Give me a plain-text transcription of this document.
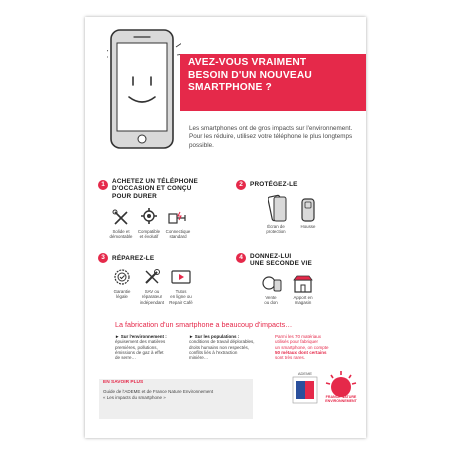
AVEZ-VOUS VRAIMENT
BESOIN D'UN NOUVEAU
SMARTPHONE ?

Les smartphones ont de gros impacts sur l'environnement. Pour les réduire, utilisez votre téléphone le plus longtemps possible.

1	ACHETEZ UN TÉLÉPHONE
D'OCCASION ET CONÇU
POUR DURER
Solide et
démontable
Compatible
et évolutif
Connectique
standard
2	PROTÉGEZ-LE
Écran de
protection
Housse
3	RÉPAREZ-LE
Garantie
légale
SAV ou
réparateur
indépendant
Tutos
en ligne ou
Repair Café
4	DONNEZ-LUI
UNE SECONDE VIE
Vente
ou don
Apport en
magasin

La fabrication d'un smartphone a beaucoup d'impacts…

► Sur l'environnement :
épuisement des matières
premières, pollutions,
émissions de gaz à effet
de serre…
► Sur les populations :
conditions de travail déplorables,
droits humains non respectés,
conflits liés à l'extraction
minière…
Parmi les 70 matériaux
utilisés pour fabriquer
un smartphone, on compte
50 métaux dont certains
sont très rares.
EN SAVOIR PLUS
Guide de l'ADEME et de France Nature Environnement
« Les impacts du smartphone »
ADEME
FRANCE NATURE
ENVIRONNEMENT
